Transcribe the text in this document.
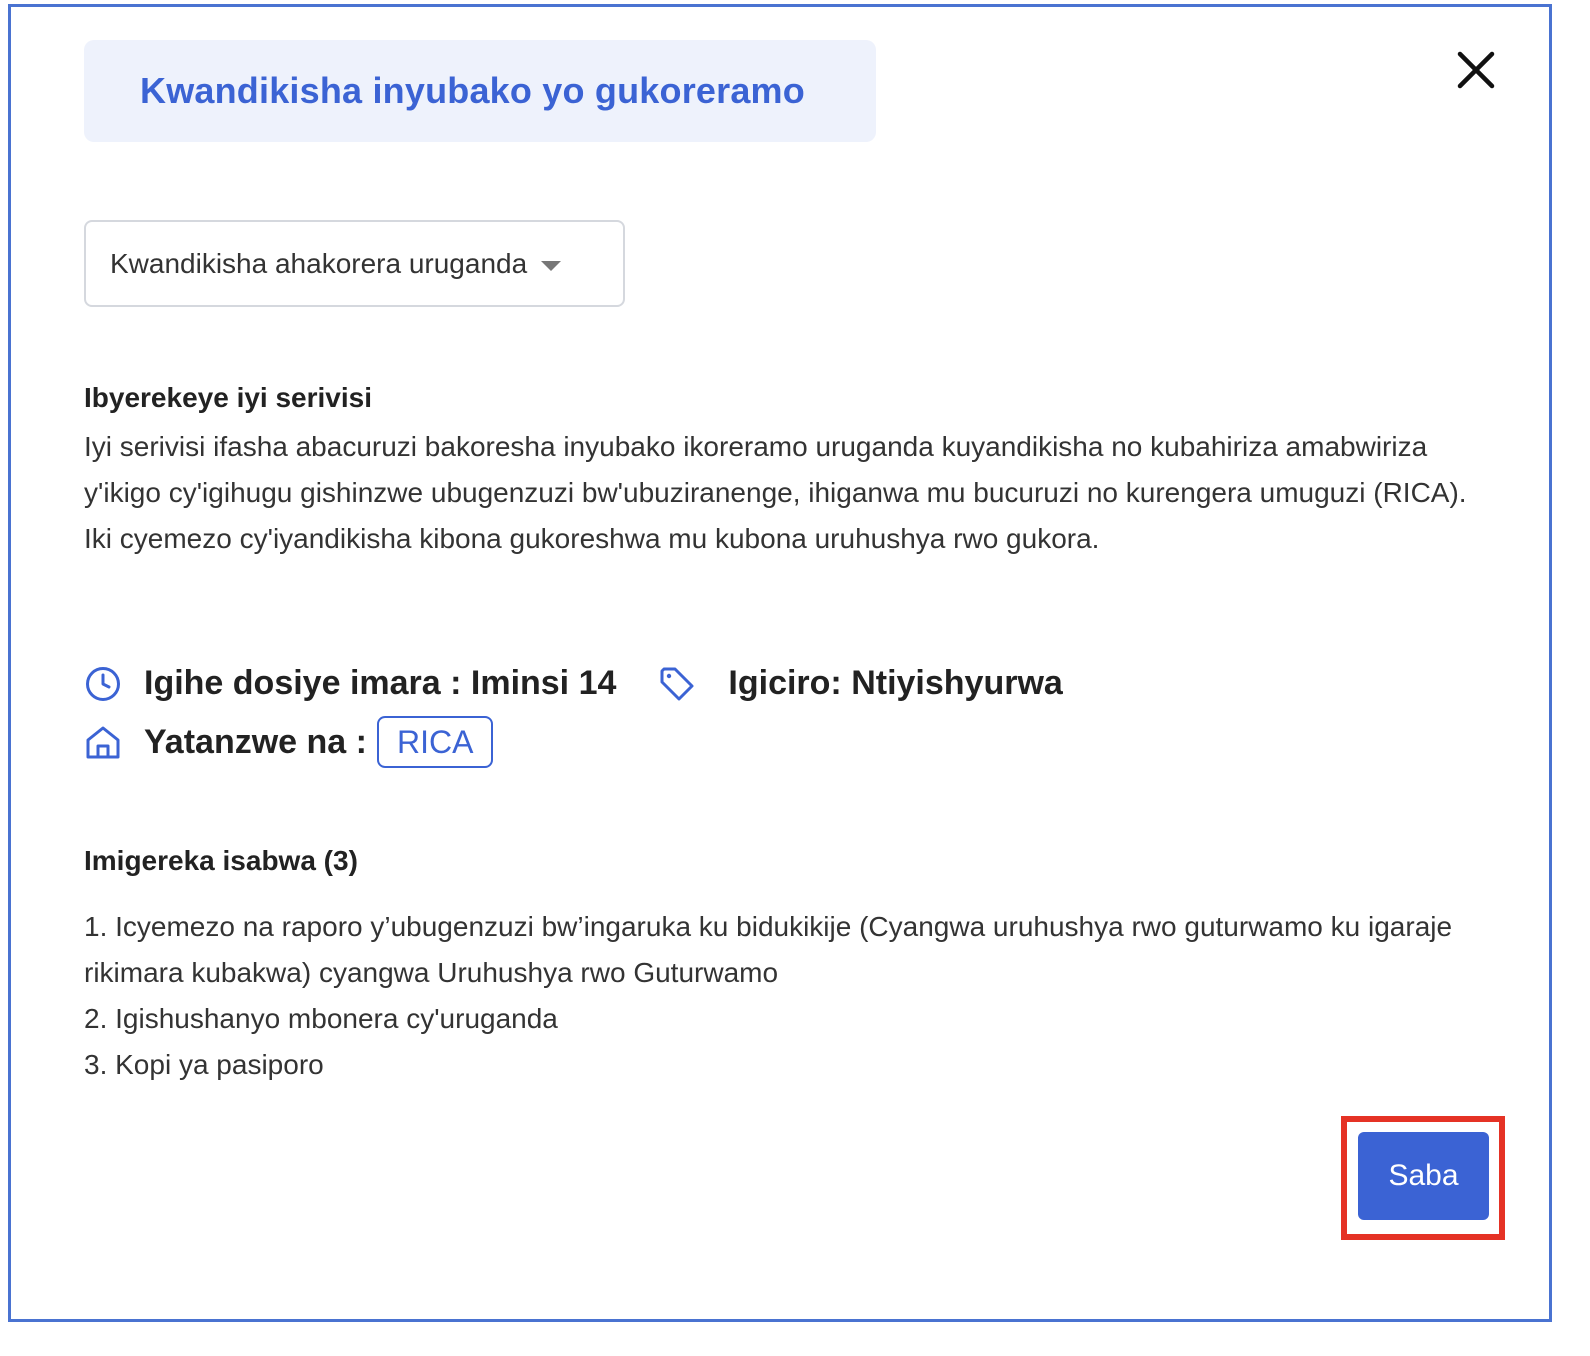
Kwandikisha inyubako yo gukoreramo
Kwandikisha ahakorera uruganda
Ibyerekeye iyi serivisi
Iyi serivisi ifasha abacuruzi bakoresha inyubako ikoreramo uruganda kuyandikisha no kubahiriza amabwiriza y'ikigo cy'igihugu gishinzwe ubugenzuzi bw'ubuziranenge, ihiganwa mu bucuruzi no kurengera umuguzi (RICA). Iki cyemezo cy'iyandikisha kibona gukoreshwa mu kubona uruhushya rwo gukora.
Igihe dosiye imara : Iminsi 14	Igiciro: Ntiyishyurwa
Yatanzwe na : RICA
Imigereka isabwa (3)
1. Icyemezo na raporo y’ubugenzuzi bw’ingaruka ku bidukikije (Cyangwa uruhushya rwo guturwamo ku igaraje rikimara kubakwa) cyangwa Uruhushya rwo Guturwamo
2. Igishushanyo mbonera cy'uruganda
3. Kopi ya pasiporo
Saba
